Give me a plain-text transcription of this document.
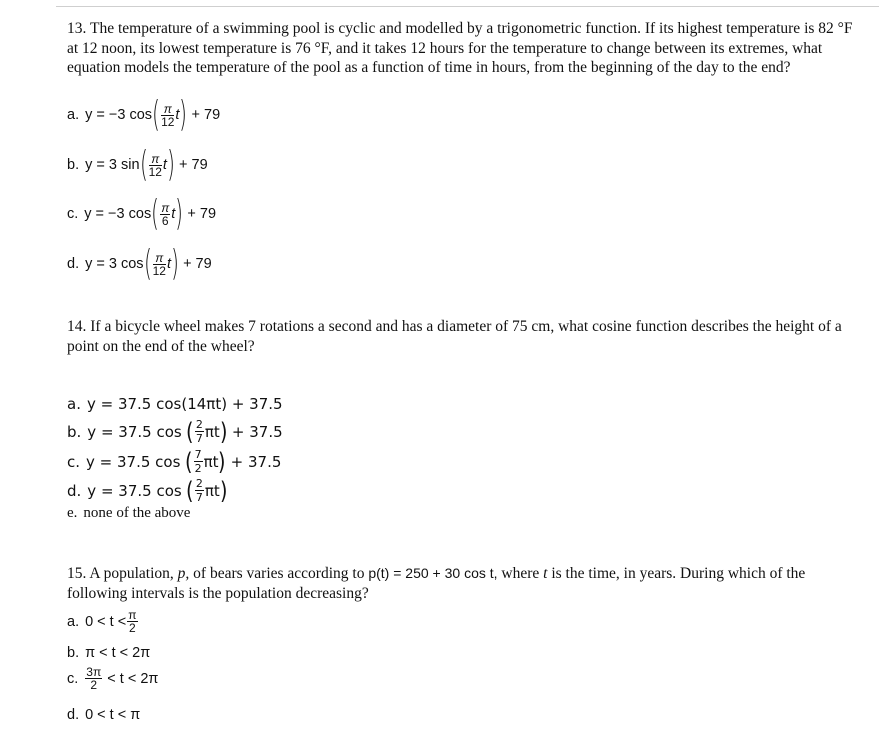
13. The temperature of a swimming pool is cyclic and modelled by a trigonometric function. If its highest temperature is 82 °F at 12 noon, its lowest temperature is 76 °F, and it takes 12 hours for the temperature to change between its extremes, what equation models the temperature of the pool as a function of time in hours, from the beginning of the day to the end?
a. y = −3
cos ( $\frac{\pi}{12}$ t )
+ 79
b. y = 3
sin ( $\frac{\pi}{12}$ t )
+ 79
c. y = −3
cos ( $\frac{\pi}{6}$ t )
+ 79
d. y = 3
cos ( $\frac{\pi}{12}$ t )
+ 79
14. If a bicycle wheel makes 7 rotations a second and has a diameter of 75 cm, what cosine function describes the height of a point on the end of the wheel?
a. y = 37.5 cos(14πt) + 37.5
b. y = 37.5 cos
( $\frac{2}{7}$ πt )
+ 37.5
c. y = 37.5 cos
( $\frac{7}{2}$ πt )
+ 37.5
d. y = 37.5 cos
( $\frac{2}{7}$ πt )
e. none of the above
15. A population, p, of bears varies according to p(t) = 250 + 30 cos t, where t is the time, in years. During which of the following intervals is the population decreasing?
a. $0 < t < \frac{\pi}{2}$
b. π < t < 2π
c. $\frac{3\pi}{2}$
< t < 2π
d. 0 < t < π
